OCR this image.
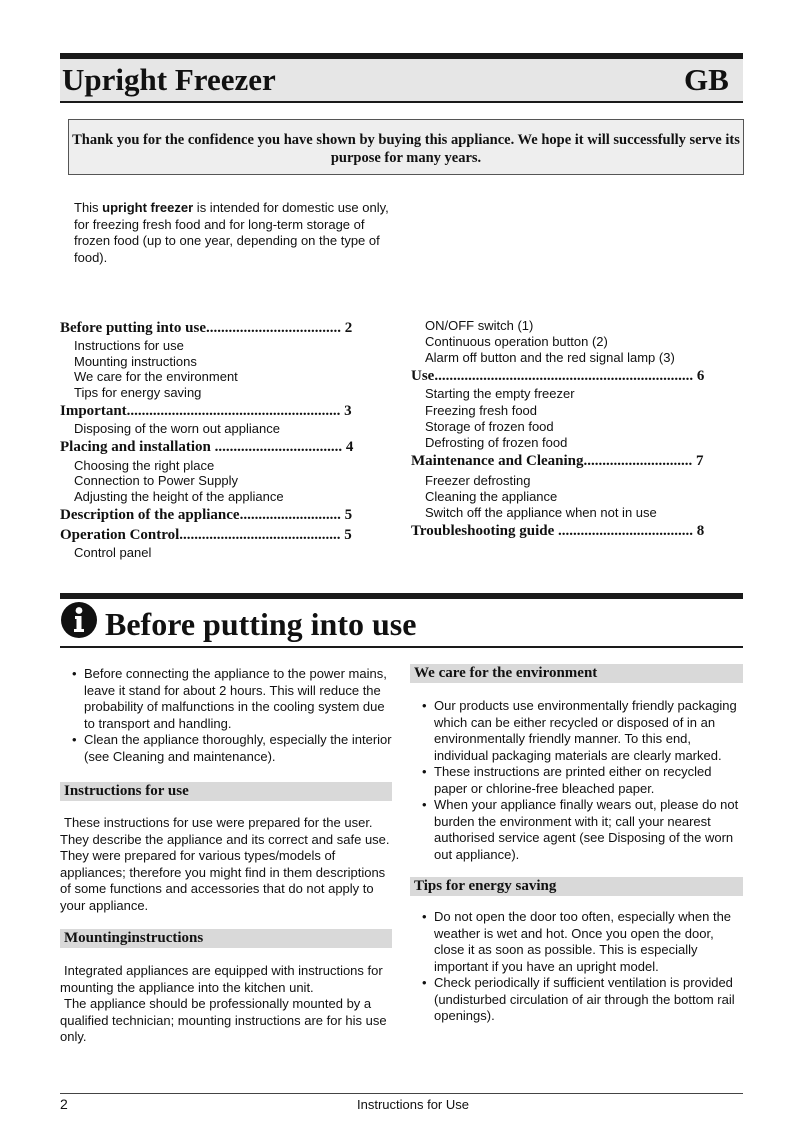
Upright Freezer	GB
Thank you for the confidence you have shown by buying this appliance. We hope it will successfully serve its purpose for many years.
This upright freezer is intended for domestic use only, for freezing fresh food and for long-term storage of frozen food (up to one year, depending on the type of food).
Before putting into use.................................... 2
Instructions for use
Mounting instructions
We care for the environment
Tips for energy saving
Important......................................................... 3
Disposing of the worn out appliance
Placing and installation .................................. 4
Choosing the right place
Connection to Power Supply
Adjusting the height of the appliance
Description of the appliance........................... 5
Operation Control........................................... 5
Control panel
ON/OFF switch (1)
Continuous operation button (2)
Alarm off button and the red signal lamp (3)
Use..................................................................... 6
Starting the empty freezer
Freezing fresh food
Storage of frozen food
Defrosting of frozen food
Maintenance and Cleaning............................. 7
Freezer defrosting
Cleaning the appliance
Switch off the appliance when not in use
Troubleshooting guide .................................... 8
Before putting into use
• Before connecting the appliance to the power mains, leave it stand for about 2 hours. This will reduce the probability of malfunctions in the cooling system due to transport and handling.
• Clean the appliance thoroughly, especially the interior (see Cleaning and maintenance).
Instructions for use
These instructions for use were prepared for the user. They describe the appliance and its correct and safe use. They were prepared for various types/models of appliances; therefore you might find in them descriptions of some functions and accessories that do not apply to your appliance.
Mountinginstructions
Integrated appliances are equipped with instructions for mounting the appliance into the kitchen unit.
The appliance should be professionally mounted by a qualified technician; mounting instructions are for his use only.
We care for the environment
• Our products use environmentally friendly packaging which can be either recycled or disposed of in an environmentally friendly manner. To this end, individual packaging materials are clearly marked.
• These instructions are printed either on recycled paper or chlorine-free bleached paper.
• When your appliance finally wears out, please do not burden the environment with it; call your nearest authorised service agent (see Disposing of the worn out appliance).
Tips for energy saving
• Do not open the door too often, especially when the weather is wet and hot. Once you open the door, close it as soon as possible. This is especially important if you have an upright model.
• Check periodically if sufficient ventilation is provided (undisturbed circulation of air through the bottom rail openings).
2	Instructions for Use
